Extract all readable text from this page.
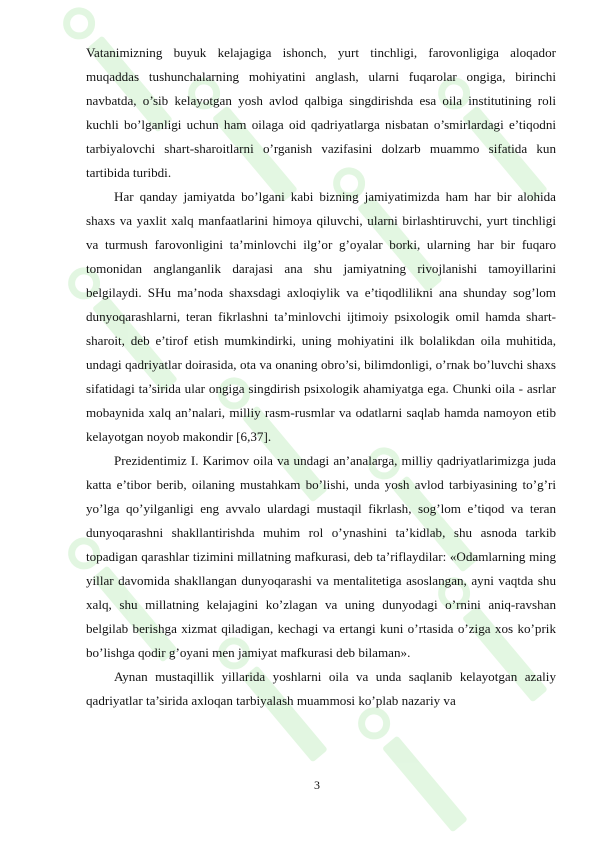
Vatanimizning buyuk kelajagiga ishonch, yurt tinchligi, farovonligiga aloqador muqaddas tushunchalarning mohiyatini anglash, ularni fuqarolar ongiga, birinchi navbatda, o’sib kelayotgan yosh avlod qalbiga singdirishda esa oila institutining roli kuchli bo’lganligi uchun ham oilaga oid qadriyatlarga nisbatan o’smirlardagi e’tiqodni tarbiyalovchi shart-sharoitlarni o’rganish vazifasini dolzarb muammo sifatida kun tartibida turibdi.

Har qanday jamiyatda bo’lgani kabi bizning jamiyatimizda ham har bir alohida shaxs va yaxlit xalq manfaatlarini himoya qiluvchi, ularni birlashtiruvchi, yurt tinchligi va turmush farovonligini ta’minlovchi ilg’or g’oyalar borki, ularning har bir fuqaro tomonidan anglanganlik darajasi ana shu jamiyatning rivojlanishi tamoyillarini belgilaydi. SHu ma’noda shaxsdagi axloqiylik va e’tiqodlilikni ana shunday sog’lom dunyoqarashlarni, teran fikrlashni ta’minlovchi ijtimoiy psixologik omil hamda shart-sharoit, deb e’tirof etish mumkindirki, uning mohiyatini ilk bolalikdan oila muhitida, undagi qadriyatlar doirasida, ota va onaning obro’si, bilimdonligi, o’rnak bo’luvchi shaxs sifatidagi ta’sirida ular ongiga singdirish psixologik ahamiyatga ega. Chunki oila - asrlar mobaynida xalq an’nalari, milliy rasm-rusmlar va odatlarni saqlab hamda namoyon etib kelayotgan noyob makondir [6,37].

Prezidentimiz I. Karimov oila va undagi an’analarga, milliy qadriyatlarimizga juda katta e’tibor berib, oilaning mustahkam bo’lishi, unda yosh avlod tarbiyasining to’g’ri yo’lga qo’yilganligi eng avvalo ulardagi mustaqil fikrlash, sog’lom e’tiqod va teran dunyoqarashni shakllantirishda muhim rol o’ynashini ta’kidlab, shu asnoda tarkib topadigan qarashlar tizimini millatning mafkurasi, deb ta’riflaydilar: «Odamlarning ming yillar davomida shakllangan dunyoqarashi va mentalitetiga asoslangan, ayni vaqtda shu xalq, shu millatning kelajagini ko’zlagan va uning dunyodagi o’rnini aniq-ravshan belgilab berishga xizmat qiladigan, kechagi va ertangi kuni o’rtasida o’ziga xos ko’prik bo’lishga qodir g’oyani men jamiyat mafkurasi deb bilaman».

Aynan mustaqillik yillarida yoshlarni oila va unda saqlanib kelayotgan azaliy qadriyatlar ta’sirida axloqan tarbiyalash muammosi ko’plab nazariy va

3
